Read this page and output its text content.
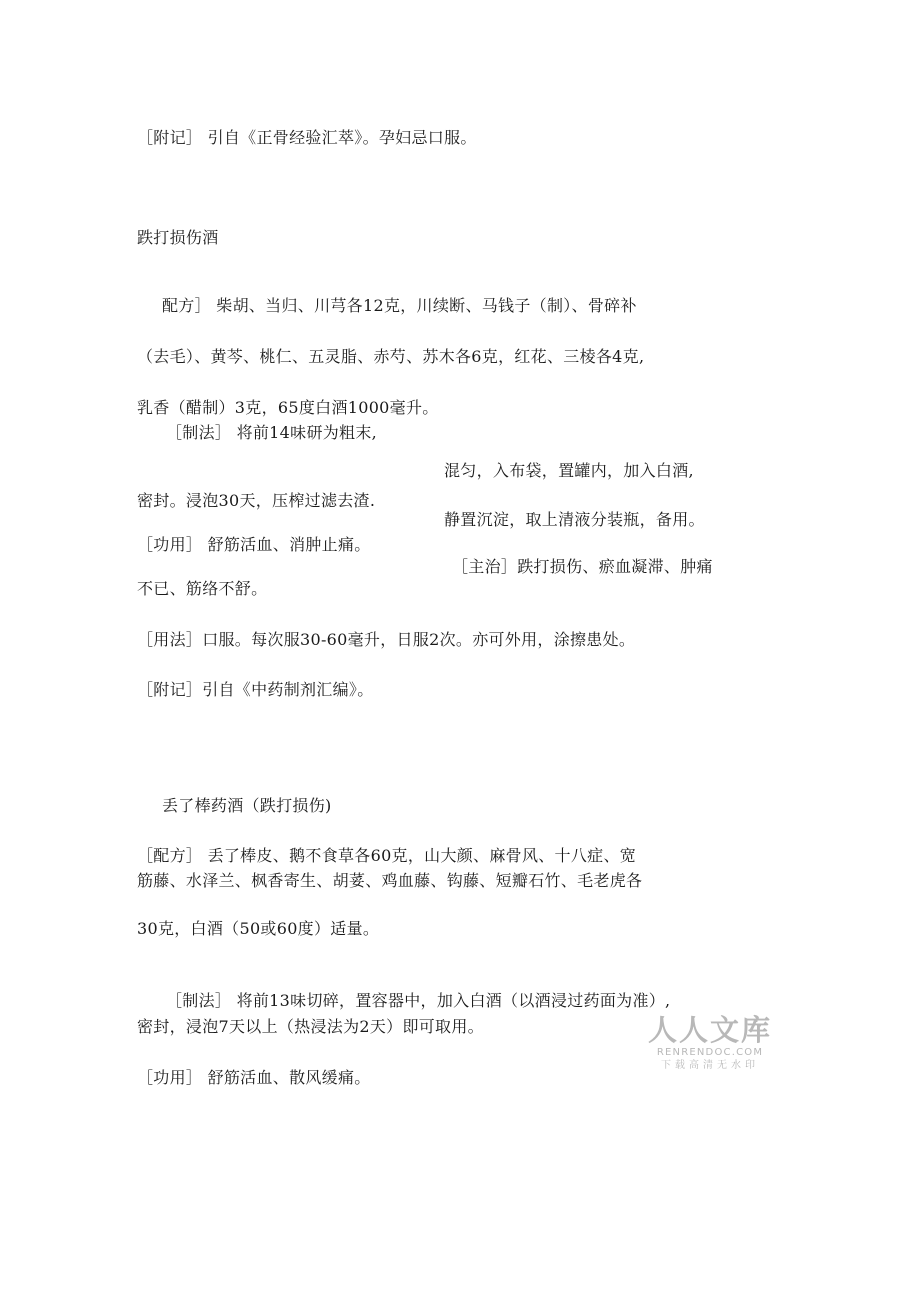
［附记］ 引自《正骨经验汇萃》。孕妇忌口服。
跌打损伤酒
配方］ 柴胡、当归、川芎各12克，川续断、马钱子（制）、骨碎补
（去毛）、黄芩、桃仁、五灵脂、赤芍、苏木各6克，红花、三棱各4克,
乳香（醋制）3克，65度白酒1000毫升。
［制法］ 将前14味研为粗末,
混匀，入布袋，置罐内，加入白酒,
密封。浸泡30天，压榨过滤去渣.
静置沉淀，取上清液分装瓶，备用。
［功用］ 舒筋活血、消肿止痛。
［主治］跌打损伤、瘀血凝滞、肿痛
不已、筋络不舒。
［用法］口服。每次服30-60毫升，日服2次。亦可外用，涂擦患处。
［附记］引自《中药制剂汇编》。
丢了棒药酒（跌打损伤)
［配方］ 丢了棒皮、鹅不食草各60克，山大颜、麻骨风、十八症、宽
筋藤、水泽兰、枫香寄生、胡荽、鸡血藤、钩藤、短瓣石竹、毛老虎各
30克，白酒（50或60度）适量。
［制法］ 将前13味切碎，置容器中，加入白酒（以酒浸过药面为准）,
密封，浸泡7天以上（热浸法为2天）即可取用。
［功用］ 舒筋活血、散风缓痛。
人人文库
RENRENDOC.COM
下载高清无水印
